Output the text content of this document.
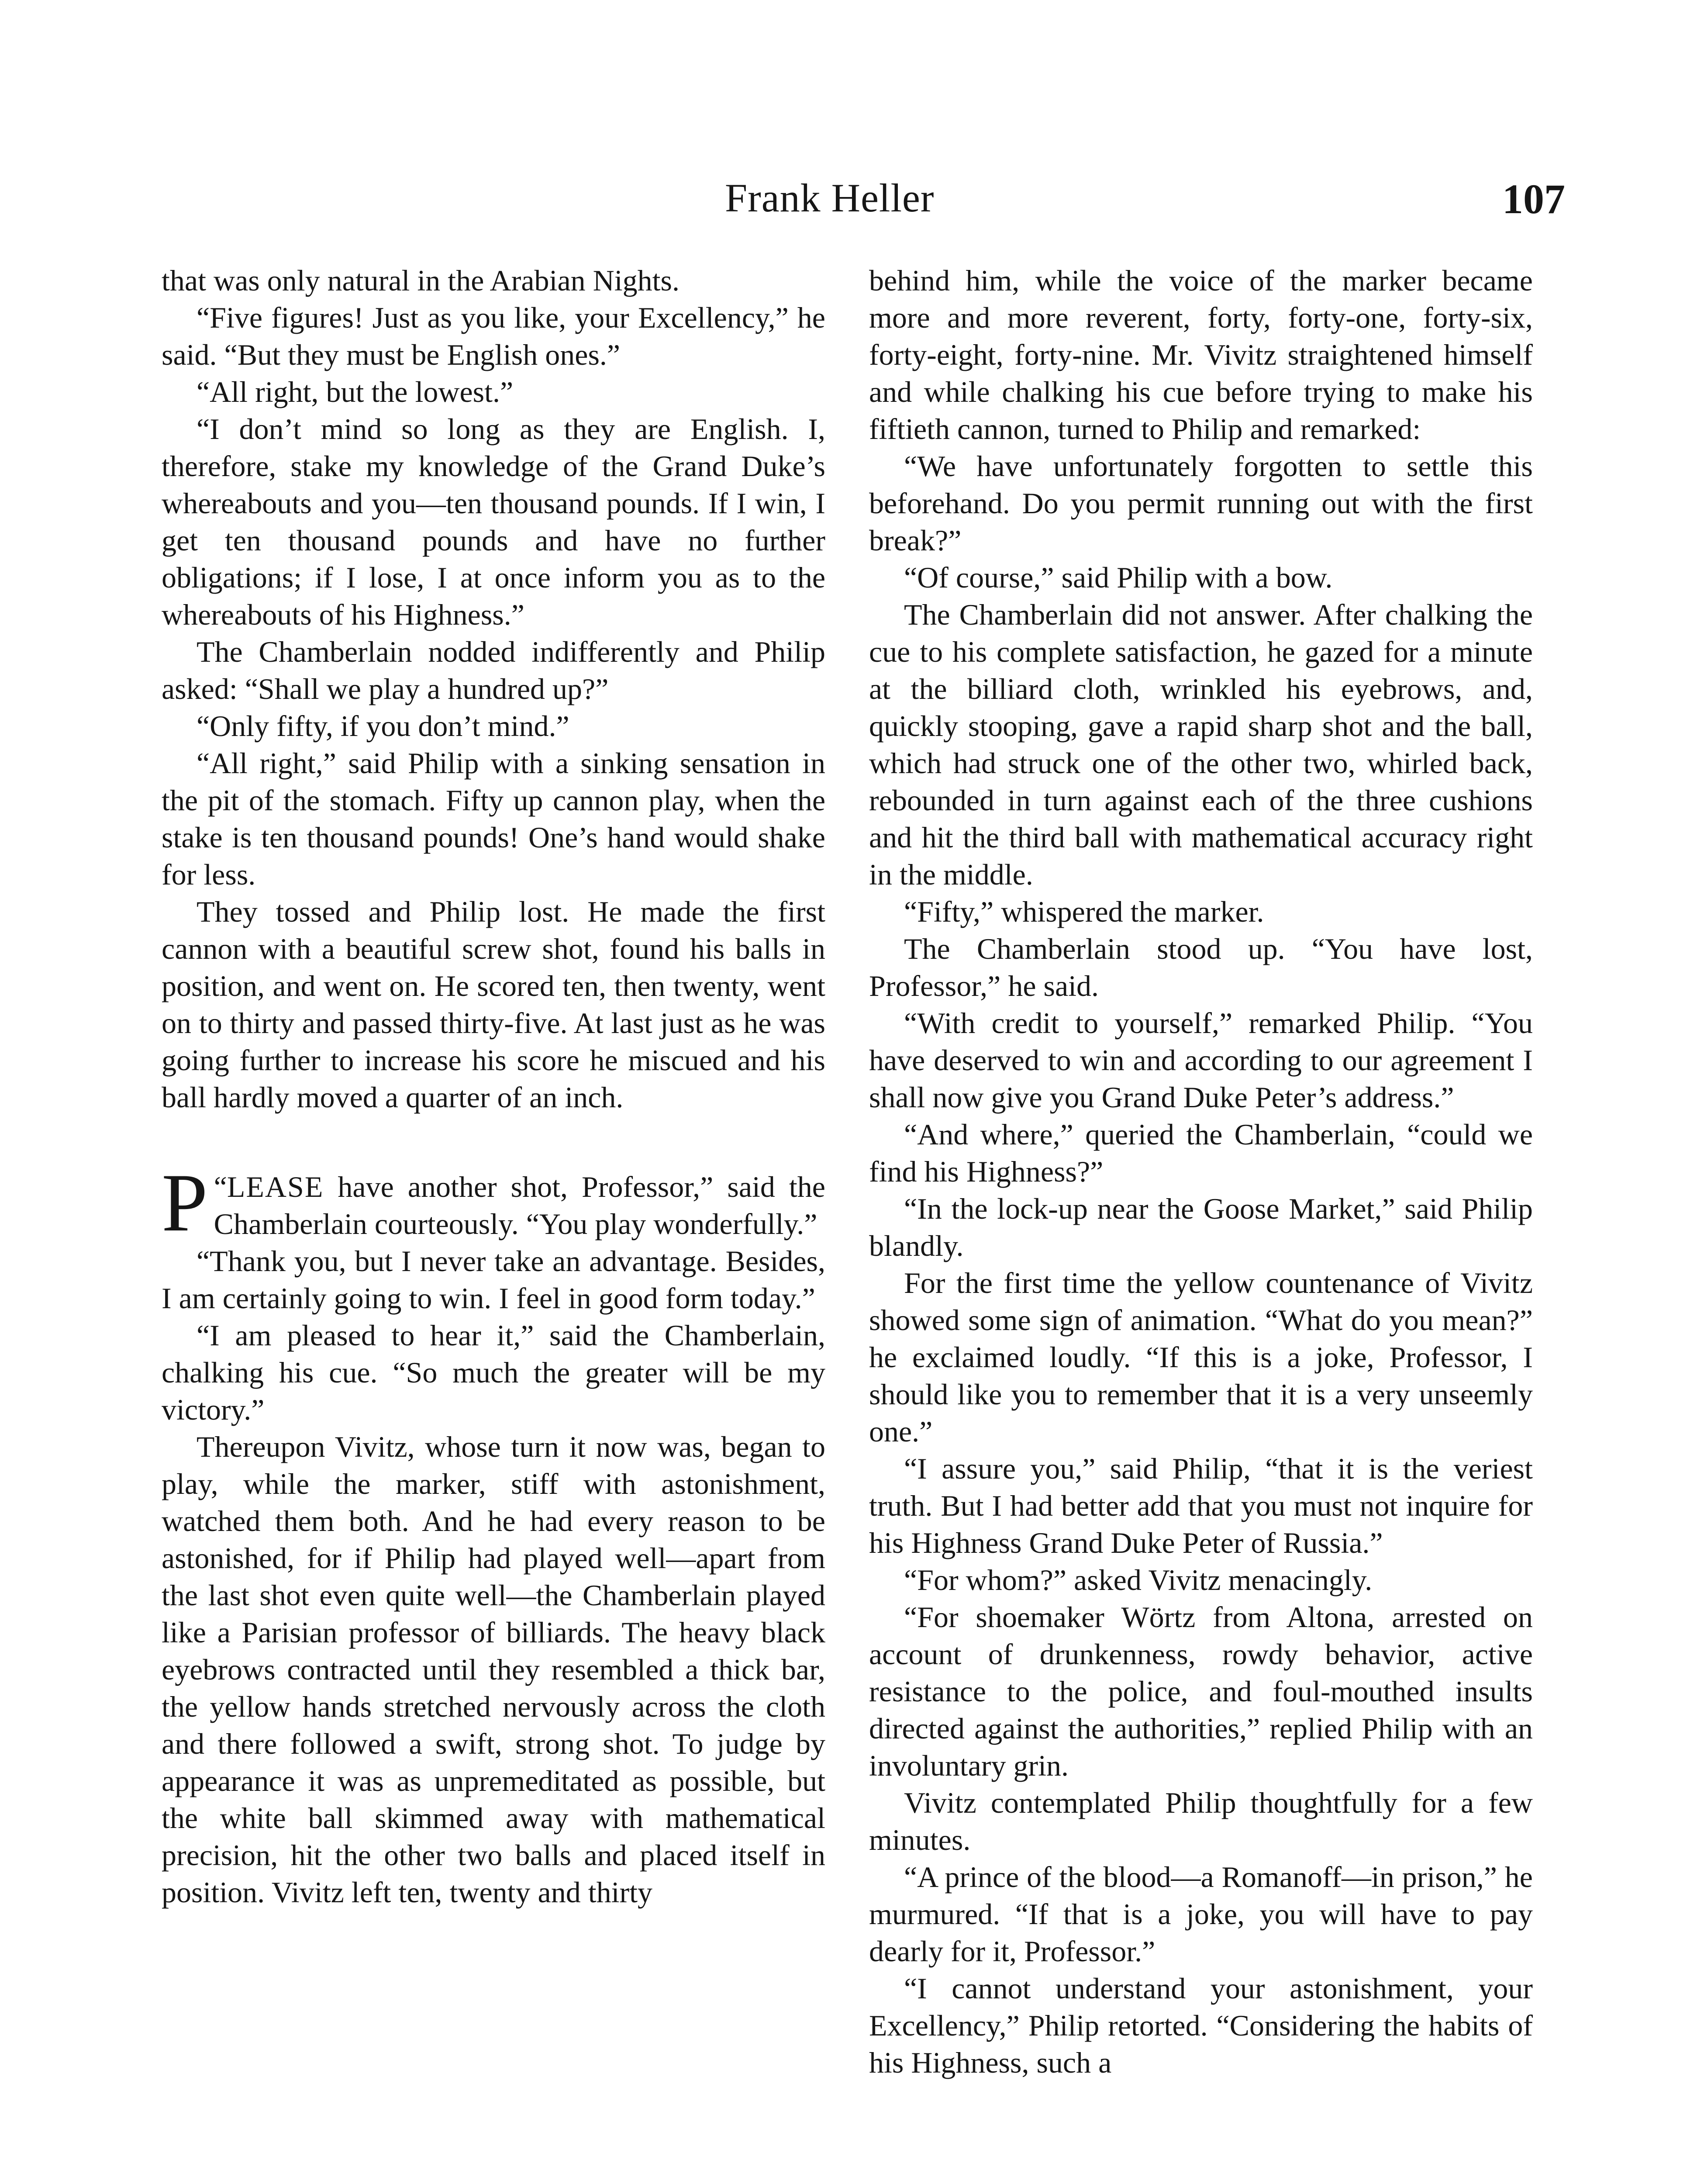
Frank Heller	107

that was only natural in the Arabian Nights.

“Five figures! Just as you like, your Excellency,” he said. “But they must be English ones.”

“All right, but the lowest.”

“I don’t mind so long as they are English. I, therefore, stake my knowledge of the Grand Duke’s whereabouts and you—ten thousand pounds. If I win, I get ten thousand pounds and have no further obligations; if I lose, I at once inform you as to the whereabouts of his Highness.”

The Chamberlain nodded indifferently and Philip asked: “Shall we play a hundred up?”

“Only fifty, if you don’t mind.”

“All right,” said Philip with a sinking sensation in the pit of the stomach. Fifty up cannon play, when the stake is ten thousand pounds! One’s hand would shake for less.

They tossed and Philip lost. He made the first cannon with a beautiful screw shot, found his balls in position, and went on. He scored ten, then twenty, went on to thirty and passed thirty-five. At last just as he was going further to increase his score he miscued and his ball hardly moved a quarter of an inch.

“
P LEASE have another shot, Professor,” said the Chamberlain courteously. “You play wonderfully.”

“Thank you, but I never take an advantage. Besides, I am certainly going to win. I feel in good form today.”

“I am pleased to hear it,” said the Chamberlain, chalking his cue. “So much the greater will be my victory.”

Thereupon Vivitz, whose turn it now was, began to play, while the marker, stiff with astonishment, watched them both. And he had every reason to be astonished, for if Philip had played well—apart from the last shot even quite well—the Chamberlain played like a Parisian professor of billiards. The heavy black eyebrows contracted until they resembled a thick bar, the yellow hands stretched nervously across the cloth and there followed a swift, strong shot. To judge by appearance it was as unpremeditated as possible, but the white ball skimmed away with mathematical precision, hit the other two balls and placed itself in position. Vivitz left ten, twenty and thirty

behind him, while the voice of the marker became more and more reverent, forty, forty-one, forty-six, forty-eight, forty-nine. Mr. Vivitz straightened himself and while chalking his cue before trying to make his fiftieth cannon, turned to Philip and remarked:

“We have unfortunately forgotten to settle this beforehand. Do you permit running out with the first break?”

“Of course,” said Philip with a bow.

The Chamberlain did not answer. After chalking the cue to his complete satisfaction, he gazed for a minute at the billiard cloth, wrinkled his eyebrows, and, quickly stooping, gave a rapid sharp shot and the ball, which had struck one of the other two, whirled back, rebounded in turn against each of the three cushions and hit the third ball with mathematical accuracy right in the middle.

“Fifty,” whispered the marker.

The Chamberlain stood up. “You have lost, Professor,” he said.

“With credit to yourself,” remarked Philip. “You have deserved to win and according to our agreement I shall now give you Grand Duke Peter’s address.”

“And where,” queried the Chamberlain, “could we find his Highness?”

“In the lock-up near the Goose Market,” said Philip blandly.

For the first time the yellow countenance of Vivitz showed some sign of animation. “What do you mean?” he exclaimed loudly. “If this is a joke, Professor, I should like you to remember that it is a very unseemly one.”

“I assure you,” said Philip, “that it is the veriest truth. But I had better add that you must not inquire for his Highness Grand Duke Peter of Russia.”

“For whom?” asked Vivitz menacingly.

“For shoemaker Wörtz from Altona, arrested on account of drunkenness, rowdy behavior, active resistance to the police, and foul-mouthed insults directed against the authorities,” replied Philip with an involuntary grin.

Vivitz contemplated Philip thoughtfully for a few minutes.

“A prince of the blood—a Romanoff—in prison,” he murmured. “If that is a joke, you will have to pay dearly for it, Professor.”

“I cannot understand your astonishment, your Excellency,” Philip retorted. “Considering the habits of his Highness, such a
